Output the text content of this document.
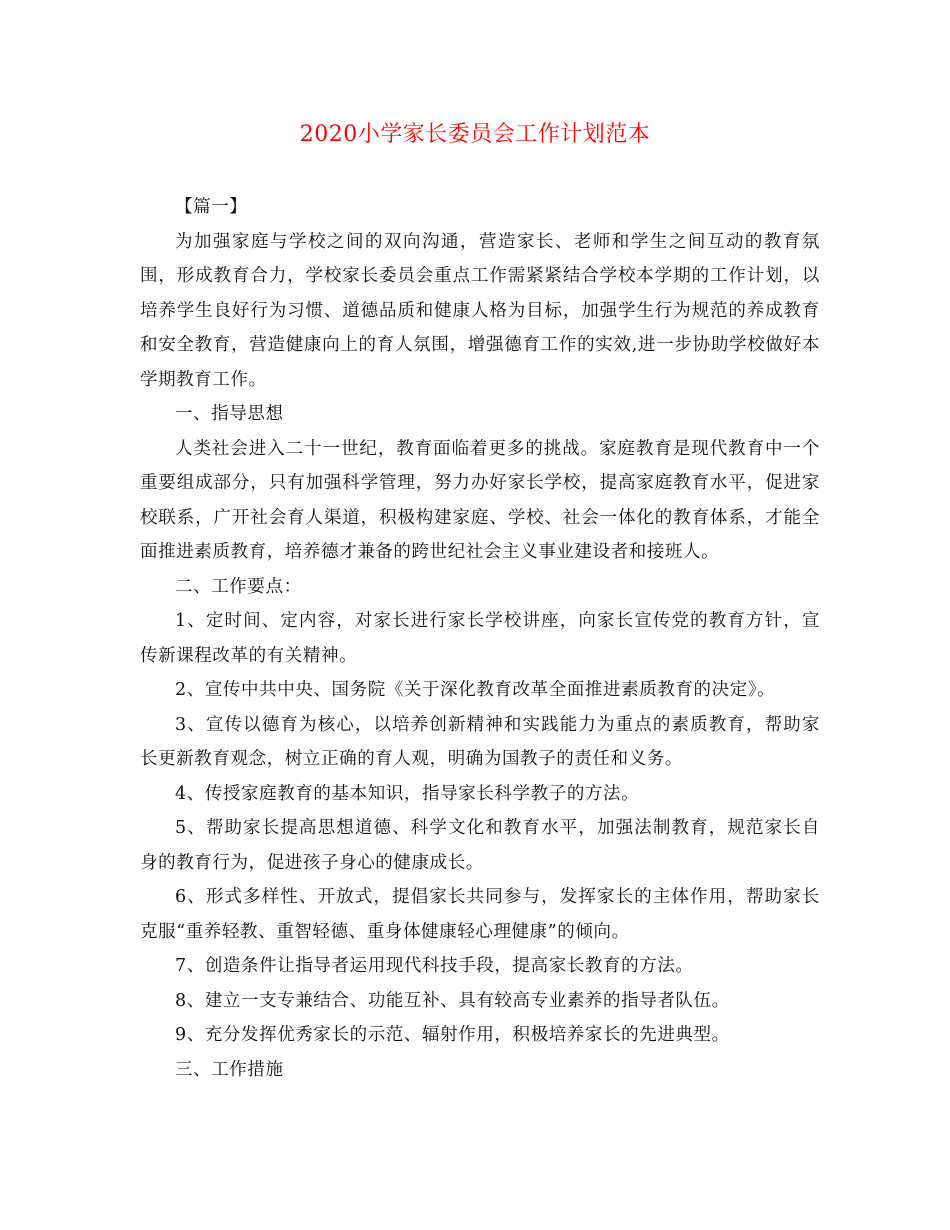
2020小学家长委员会工作计划范本

【篇一】

为加强家庭与学校之间的双向沟通，营造家长、老师和学生之间互动的教育氛围，形成教育合力，学校家长委员会重点工作需紧紧结合学校本学期的工作计划，以培养学生良好行为习惯、道德品质和健康人格为目标，加强学生行为规范的养成教育和安全教育，营造健康向上的育人氛围，增强德育工作的实效,进一步协助学校做好本学期教育工作。

一、指导思想

人类社会进入二十一世纪，教育面临着更多的挑战。家庭教育是现代教育中一个重要组成部分，只有加强科学管理，努力办好家长学校，提高家庭教育水平，促进家校联系，广开社会育人渠道，积极构建家庭、学校、社会一体化的教育体系，才能全面推进素质教育，培养德才兼备的跨世纪社会主义事业建设者和接班人。

二、工作要点：

1、定时间、定内容，对家长进行家长学校讲座，向家长宣传党的教育方针，宣传新课程改革的有关精神。

2、宣传中共中央、国务院《关于深化教育改革全面推进素质教育的决定》。

3、宣传以德育为核心，以培养创新精神和实践能力为重点的素质教育，帮助家长更新教育观念，树立正确的育人观，明确为国教子的责任和义务。

4、传授家庭教育的基本知识，指导家长科学教子的方法。

5、帮助家长提高思想道德、科学文化和教育水平，加强法制教育，规范家长自身的教育行为，促进孩子身心的健康成长。

6、形式多样性、开放式，提倡家长共同参与，发挥家长的主体作用，帮助家长克服“重养轻教、重智轻德、重身体健康轻心理健康”的倾向。

7、创造条件让指导者运用现代科技手段，提高家长教育的方法。

8、建立一支专兼结合、功能互补、具有较高专业素养的指导者队伍。

9、充分发挥优秀家长的示范、辐射作用，积极培养家长的先进典型。

三、工作措施
